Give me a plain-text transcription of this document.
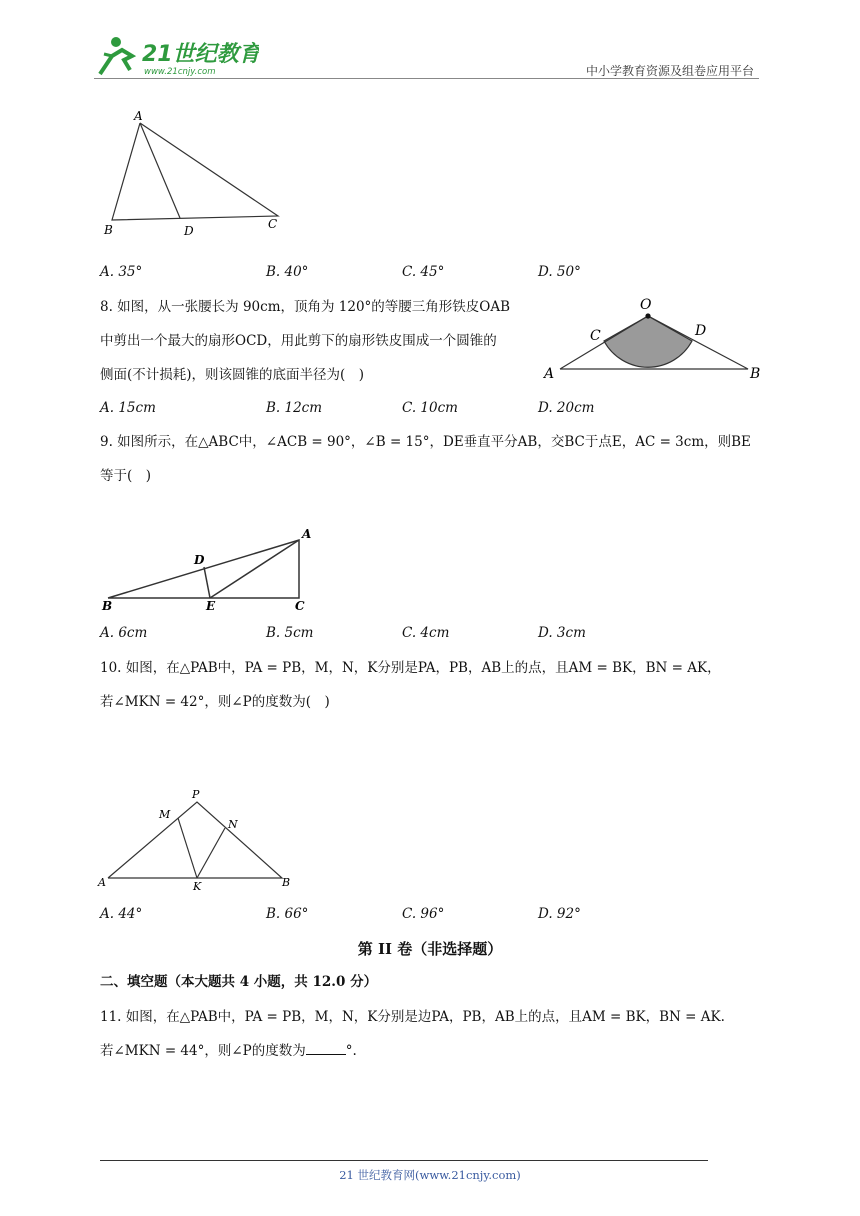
21世纪教育
www.21cnjy.com	中小学教育资源及组卷应用平台
A
B	D	C
A. 35°	B. 40°	C. 45°	D. 50°
8. 如图，从一张腰长为 90cm，顶角为 120°的等腰三角形铁皮OAB
中剪出一个最大的扇形OCD，用此剪下的扇形铁皮围成一个圆锥的
侧面(不计损耗)，则该圆锥的底面半径为(　)
O
C	D
A	B
A. 15cm	B. 12cm	C. 10cm	D. 20cm
9. 如图所示，在△ABC中，∠ACB = 90°，∠B = 15°，DE垂直平分AB，交BC于点E，AC = 3cm，则BE
等于(　)
A
D
B	E	C
A. 6cm	B. 5cm	C. 4cm	D. 3cm
10. 如图，在△PAB中，PA = PB，M，N，K分别是PA，PB，AB上的点，且AM = BK，BN = AK，
若∠MKN = 42°，则∠P的度数为(　)
P
M
N
A	K	B
A. 44°	B. 66°	C. 96°	D. 92°
第 II 卷（非选择题）
二、填空题（本大题共 4 小题，共 12.0 分）
11. 如图，在△PAB中，PA = PB，M，N，K分别是边PA，PB，AB上的点，且AM = BK，BN = AK.
若∠MKN = 44°，则∠P的度数为	°.
21 世纪教育网(www.21cnjy.com)
